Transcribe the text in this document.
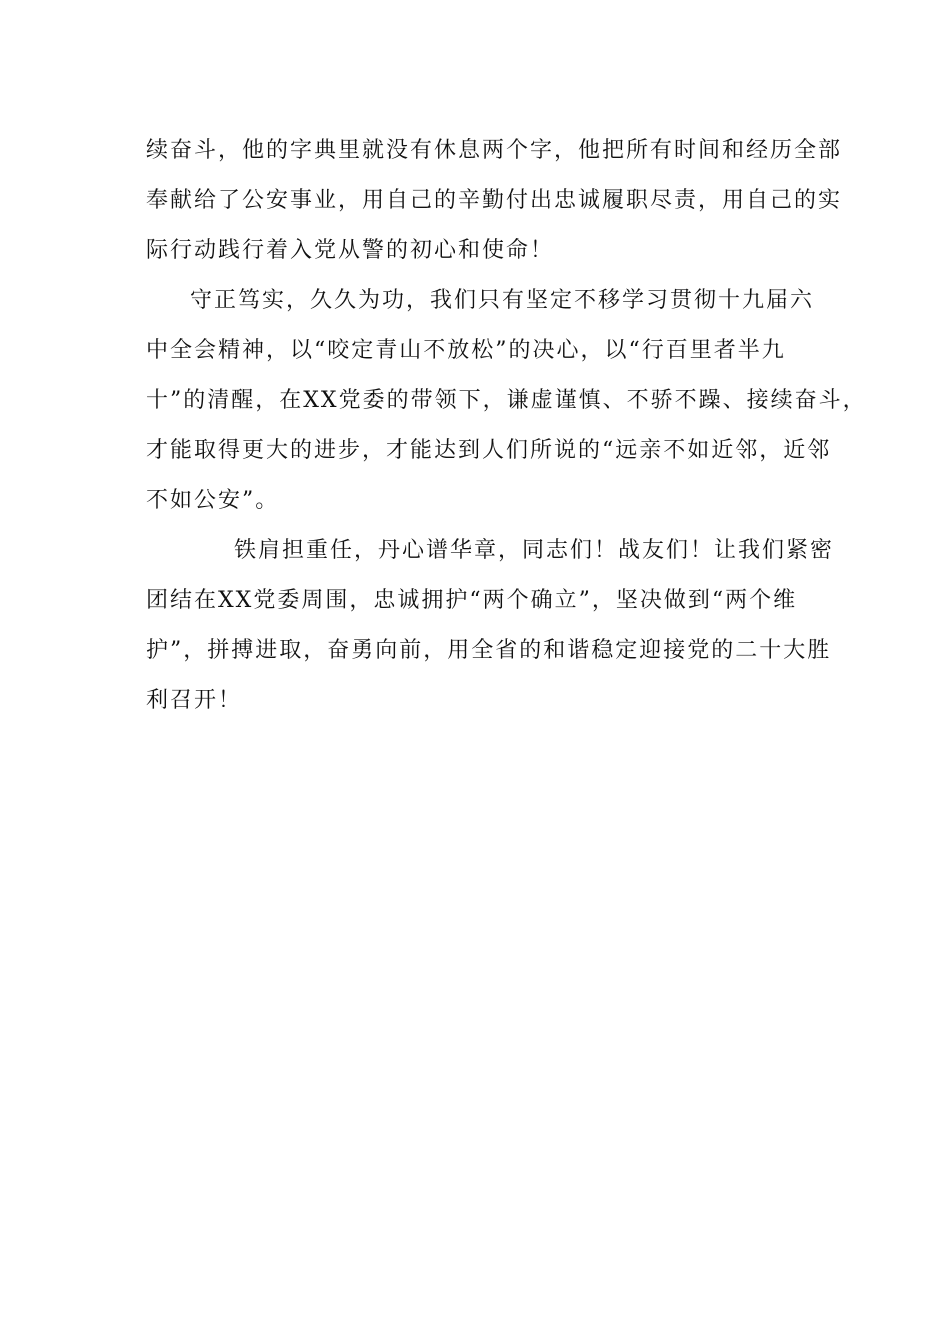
续奋斗，他的字典里就没有休息两个字，他把所有时间和经历全部
奉献给了公安事业，用自己的辛勤付出忠诚履职尽责，用自己的实
际行动践行着入党从警的初心和使命！
守正笃实，久久为功，我们只有坚定不移学习贯彻十九届六
中全会精神，以“咬定青山不放松”的决心，以“行百里者半九
十”的清醒，在XX党委的带领下，谦虚谨慎、不骄不躁、接续奋斗，
才能取得更大的进步，才能达到人们所说的“远亲不如近邻，近邻
不如公安”。
铁肩担重任，丹心谱华章，同志们！战友们！让我们紧密
团结在XX党委周围，忠诚拥护“两个确立”，坚决做到“两个维
护”，拼搏进取，奋勇向前，用全省的和谐稳定迎接党的二十大胜
利召开！
